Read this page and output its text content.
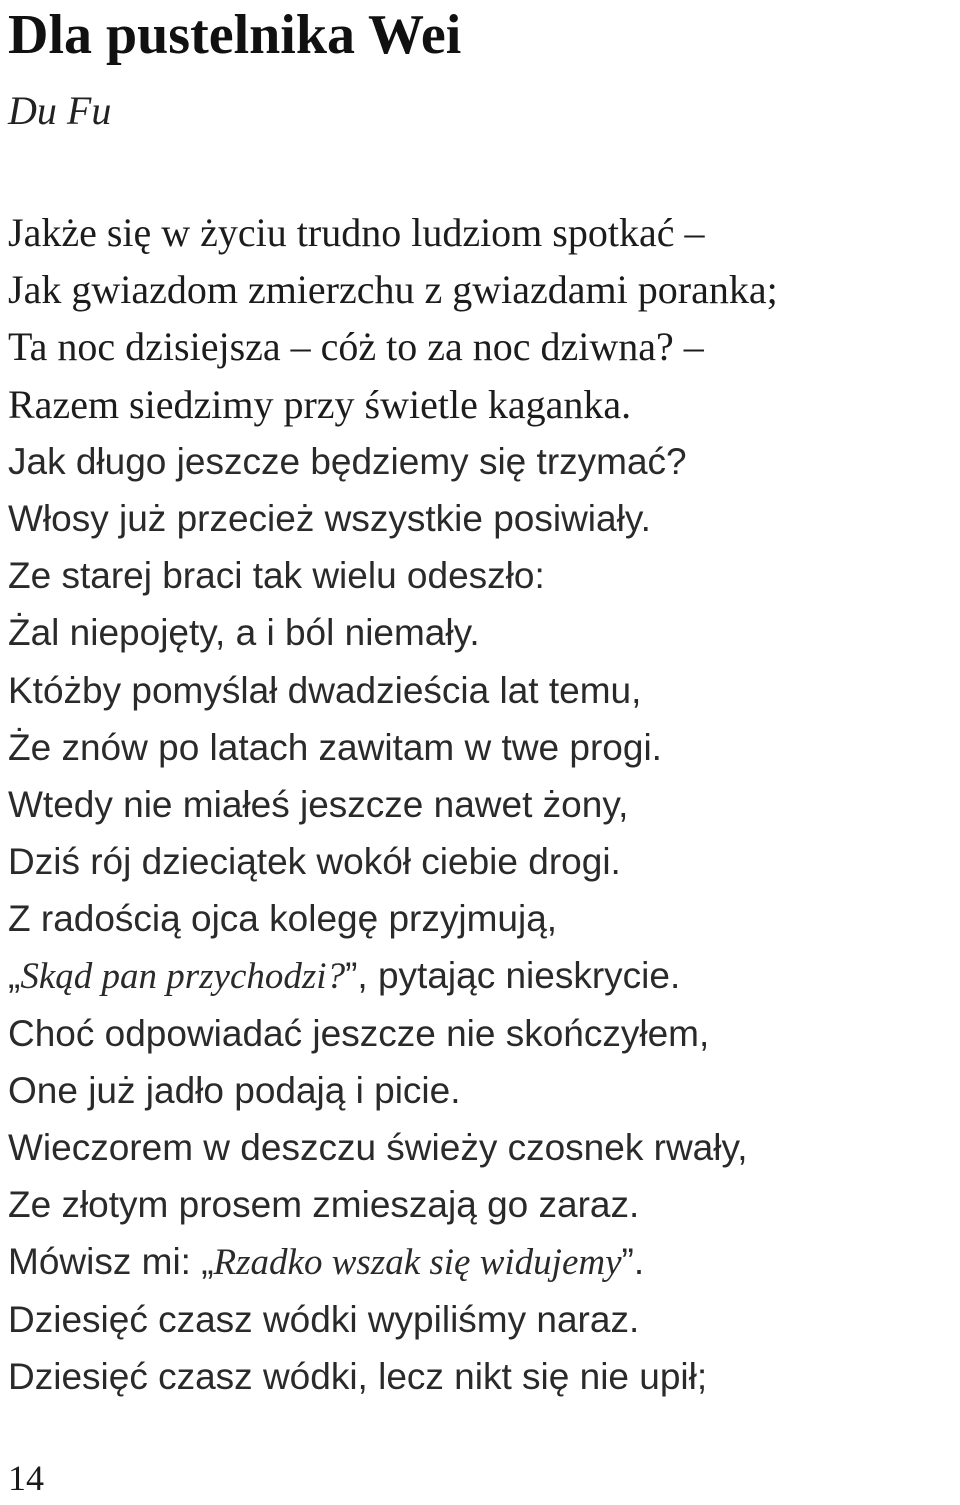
Dla pustelnika Wei
Du Fu
Jakże się w życiu trudno ludziom spotkać –
Jak gwiazdom zmierzchu z gwiazdami poranka;
Ta noc dzisiejsza – cóż to za noc dziwna? –
Razem siedzimy przy świetle kaganka.
Jak długo jeszcze będziemy się trzymać?
Włosy już przecież wszystkie posiwiały.
Ze starej braci tak wielu odeszło:
Żal niepojęty, a i ból niemały.
Któżby pomyślał dwadzieścia lat temu,
Że znów po latach zawitam w twe progi.
Wtedy nie miałeś jeszcze nawet żony,
Dziś rój dzieciątek wokół ciebie drogi.
Z radością ojca kolegę przyjmują,
„Skąd pan przychodzi?”, pytając nieskrycie.
Choć odpowiadać jeszcze nie skończyłem,
One już jadło podają i picie.
Wieczorem w deszczu świeży czosnek rwały,
Ze złotym prosem zmieszają go zaraz.
Mówisz mi: „Rzadko wszak się widujemy”.
Dziesięć czasz wódki wypiliśmy naraz.
Dziesięć czasz wódki, lecz nikt się nie upił;
14
